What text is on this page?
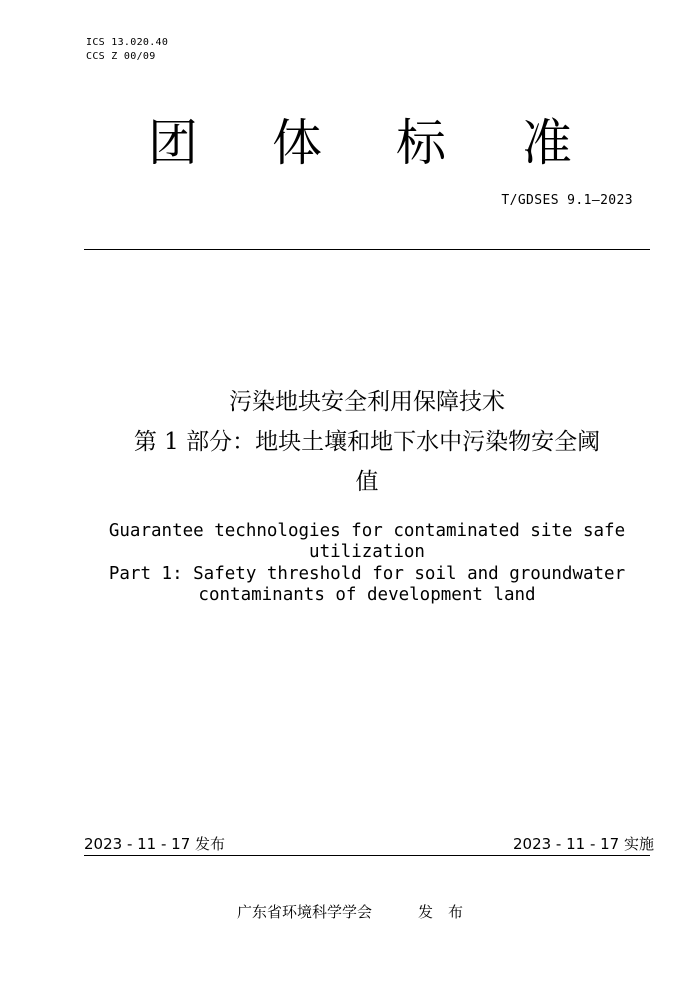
ICS 13.020.40
CCS Z 00/09
团 体 标 准
T/GDSES 9.1—2023
污染地块安全利用保障技术
第 1 部分：地块土壤和地下水中污染物安全阈
值
Guarantee technologies for contaminated site safe
utilization
Part 1: Safety threshold for soil and groundwater
contaminants of development land
2023 - 11 - 17 发布	2023 - 11 - 17 实施
广东省环境科学学会	发　布
